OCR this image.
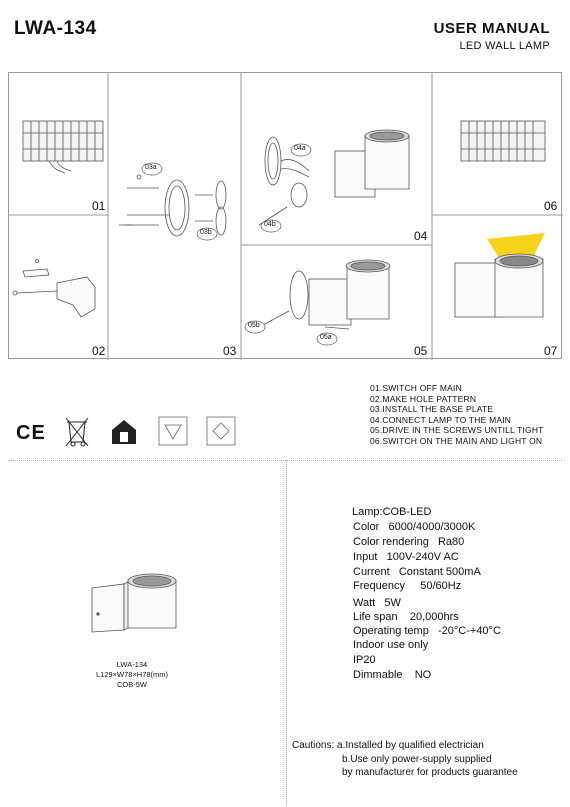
LWA-134	USER MANUAL
LED WALL LAMP
01
02	03
04
05
06
07
03a
03b
04a
04b
05a
05b
01.SWITCH OFF MAIN
02.MAKE HOLE PATTERN
03.INSTALL THE BASE PLATE
04.CONNECT LAMP TO THE MAIN
05.DRIVE IN THE SCREWS UNTILL TIGHT
06.SWITCH ON THE MAIN AND LIGHT ON
CE
LWA-134
L129×W78×H78(mm)
COB-5W
Lamp:COB-LED
Color   6000/4000/3000K
Color rendering   Ra80
Input   100V-240V AC
Current   Constant 500mA
Frequency     50/60Hz
Watt   5W
Life span    20,000hrs
Operating temp   -20°C-+40°C
Indoor use only
IP20
Dimmable    NO
Cautions: a.Installed by qualified electrician
b.Use only power-supply supplied
by manufacturer for products guarantee
